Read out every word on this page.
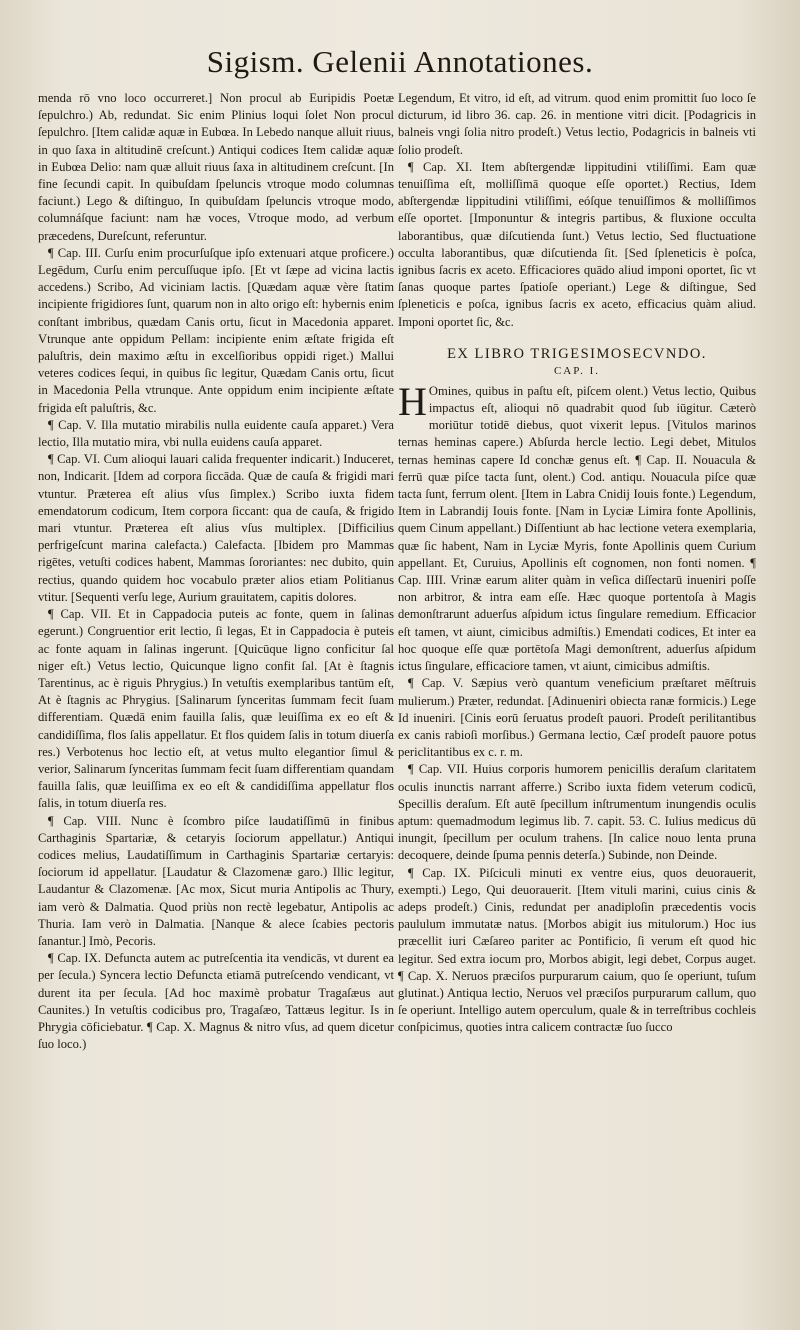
Sigism. Gelenii Annotationes.

menda rō vno loco occurreret.] Non procul ab Euripidis Poetæ ſepulchro.) Ab, redundat. Sic enim Plinius loqui ſolet Non procul ſepulchro. [Item calidæ aquæ in Eubœa. In Lebedo nanque alluit riuus, in quo ſaxa in altitudinē creſcunt.) Antiqui codices Item calidæ aquæ in Eubœa Delio: nam quæ alluit riuus ſaxa in altitudinem creſcunt. [In fine ſecundi capit. In quibuſdam ſpeluncis vtroque modo columnas faciunt.) Lego & diſtinguo, In quibuſdam ſpeluncis vtroque modo, columnáſque faciunt: nam hæ voces, Vtroque modo, ad verbum præcedens, Dureſcunt, referuntur.

¶ Cap. III. Curſu enim procurſuſque ipſo extenuari atque proficere.) Legēdum, Curſu enim percuſſuque ipſo. [Et vt ſæpe ad vicina lactis accedens.) Scribo, Ad viciniam lactis. [Quædam aquæ vère ſtatim incipiente frigidiores ſunt, quarum non in alto origo eſt: hybernis enim conſtant imbribus, quædam Canis ortu, ſicut in Macedonia apparet. Vtrunque ante oppidum Pellam: incipiente enim æſtate frigida eſt paluſtris, dein maximo æſtu in excelſioribus oppidi riget.) Mallui veteres codices ſequi, in quibus ſic legitur, Quædam Canis ortu, ſicut in Macedonia Pella vtrunque. Ante oppidum enim incipiente æſtate frigida eſt paluſtris, &c.

¶ Cap. V. Illa mutatio mirabilis nulla euidente cauſa apparet.) Vera lectio, Illa mutatio mira, vbi nulla euidens cauſa apparet.

¶ Cap. VI. Cum alioqui lauari calida frequenter indicarit.) Induceret, non, Indicarit. [Idem ad corpora ſiccāda. Quæ de cauſa & frigidi mari vtuntur. Præterea eſt alius vſus ſimplex.) Scribo iuxta fidem emendatorum codicum, Item corpora ſiccant: qua de cauſa, & frigido mari vtuntur. Præterea eſt alius vſus multiplex. [Difficilius perfrigeſcunt marina calefacta.) Calefacta. [Ibidem pro Mammas rigētes, vetuſti codices habent, Mammas ſororiantes: nec dubito, quin rectius, quando quidem hoc vocabulo præter alios etiam Politianus vtitur. [Sequenti verſu lege, Aurium grauitatem, capitis dolores.

¶ Cap. VII. Et in Cappadocia puteis ac fonte, quem in ſalinas egerunt.) Congruentior erit lectio, ſi legas, Et in Cappadocia è puteis ac fonte aquam in ſalinas ingerunt. [Quicūque ligno conficitur ſal niger eſt.) Vetus lectio, Quicunque ligno confit ſal. [At è ſtagnis Tarentinus, ac è riguis Phrygius.) In vetuſtis exemplaribus tantūm eſt, At è ſtagnis ac Phrygius. [Salinarum ſynceritas ſummam fecit ſuam differentiam. Quædā enim fauilla ſalis, quæ leuiſſima ex eo eſt & candidiſſima, flos ſalis appellatur. Et flos quidem ſalis in totum diuerſa res.) Verbotenus hoc lectio eſt, at vetus multo elegantior ſimul & verior, Salinarum ſynceritas ſummam fecit ſuam differentiam quandam fauilla ſalis, quæ leuiſſima ex eo eſt & candidiſſima appellatur flos ſalis, in totum diuerſa res.

¶ Cap. VIII. Nunc è ſcombro piſce laudatiſſimū in finibus Carthaginis Spartariæ, & cetaryis ſociorum appellatur.) Antiqui codices melius, Laudatiſſimum in Carthaginis Spartariæ certaryis: ſociorum id appellatur. [Laudatur & Clazomenæ garo.) Illic legitur, Laudantur & Clazomenæ. [Ac mox, Sicut muria Antipolis ac Thury, iam verò & Dalmatia. Quod priùs non rectè legebatur, Antipolis ac Thuria. Iam verò in Dalmatia. [Nanque & alece ſcabies pectoris ſanantur.] Imò, Pecoris.

¶ Cap. IX. Defuncta autem ac putreſcentia ita vendicās, vt durent ea per ſecula.) Syncera lectio Defuncta etiamā putreſcendo vendicant, vt durent ita per ſecula. [Ad hoc maximè probatur Tragaſæus aut Caunites.) In vetuſtis codicibus pro, Tragaſæo, Tattæus legitur. Is in Phrygia cōficiebatur. ¶ Cap. X. Magnus & nitro vſus, ad quem dicetur ſuo loco.)

Legendum, Et vitro, id eſt, ad vitrum. quod enim promittit ſuo loco ſe dicturum, id libro 36. cap. 26. in mentione vitri dicit. [Podagricis in balneis vngi ſolia nitro prodeſt.) Vetus lectio, Podagricis in balneis vti ſolio prodeſt.

¶ Cap. XI. Item abſtergendæ lippitudini vtiliſſimi. Eam quæ tenuiſſima eſt, molliſſimā quoque eſſe oportet.) Rectius, Idem abſtergendæ lippitudini vtiliſſimi, eóſque tenuiſſimos & molliſſimos eſſe oportet. [Imponuntur & integris partibus, & fluxione occulta laborantibus, quæ diſcutienda ſunt.) Vetus lectio, Sed fluctuatione occulta laborantibus, quæ diſcutienda ſit. [Sed ſpleneticis è poſca, ignibus ſacris ex aceto. Efficaciores quādo aliud imponi oportet, ſic vt ſanas quoque partes ſpatioſe operiant.) Lege & diſtingue, Sed ſpleneticis e poſca, ignibus ſacris ex aceto, efficacius quàm aliud. Imponi oportet ſic, &c.

EX LIBRO TRIGESIMOSECVNDO.
CAP. I.

H Omines, quibus in paſtu eſt, piſcem olent.) Vetus lectio, Quibus impactus eſt, alioqui nō quadrabit quod ſub iūgitur. Cæterò moriūtur totidē diebus, quot vixerit lepus. [Vitulos marinos ternas heminas capere.) Abſurda hercle lectio. Legi debet, Mitulos ternas heminas capere Id conchæ genus eſt. ¶ Cap. II. Nouacula & ferrū quæ piſce tacta ſunt, olent.) Cod. antiqu. Nouacula piſce quæ tacta ſunt, ferrum olent. [Item in Labra Cnidij Iouis fonte.) Legendum, Item in Labrandij Iouis fonte. [Nam in Lyciæ Limira fonte Apollinis, quem Cinum appellant.) Diſſentiunt ab hac lectione vetera exemplaria, quæ ſic habent, Nam in Lyciæ Myris, fonte Apollinis quem Curium appellant. Et, Curuius, Apollinis eſt cognomen, non fonti nomen. ¶ Cap. IIII. Vrinæ earum aliter quàm in veſica diſſectarū inueniri poſſe non arbitror, & intra eam eſſe. Hæc quoque portentoſa à Magis demonſtrarunt aduerſus aſpidum ictus ſingulare remedium. Efficacior eſt tamen, vt aiunt, cimicibus admiſtis.) Emendati codices, Et inter ea hoc quoque eſſe quæ portētoſa Magi demonſtrent, aduerſus aſpidum ictus ſingulare, efficaciore tamen, vt aiunt, cimicibus admiſtis.

¶ Cap. V. Sæpius verò quantum veneficium præſtaret mēſtruis mulierum.) Præter, redundat. [Adinueniri obiecta ranæ formicis.) Lege Id inueniri. [Cinis eorū ſeruatus prodeſt pauori. Prodeſt perilitantibus ex canis rabioſi morſibus.) Germana lectio, Cæſ prodeſt pauore potus periclitantibus ex c. r. m.

¶ Cap. VII. Huius corporis humorem penicillis deraſum claritatem oculis inunctis narrant afferre.) Scribo iuxta fidem veterum codicū, Specillis deraſum. Eſt autē ſpecillum inſtrumentum inungendis oculis aptum: quemadmodum legimus lib. 7. capit. 53. C. Iulius medicus dū inungit, ſpecillum per oculum trahens. [In calice nouo lenta pruna decoquere, deinde ſpuma pennis deterſa.) Subinde, non Deinde.

¶ Cap. IX. Piſciculi minuti ex ventre eius, quos deuorauerit, exempti.) Lego, Qui deuorauerit. [Item vituli marini, cuius cinis & adeps prodeſt.) Cinis, redundat per anadiploſin præcedentis vocis paululum immutatæ natus. [Morbos abigit ius mitulorum.) Hoc ius præcellit iuri Cæſareo pariter ac Pontificio, ſi verum eſt quod hic legitur. Sed extra iocum pro, Morbos abigit, legi debet, Corpus auget. ¶ Cap. X. Neruos præciſos purpurarum caium, quo ſe operiunt, tuſum glutinat.) Antiqua lectio, Neruos vel præciſos purpurarum callum, quo ſe operiunt. Intelligo autem operculum, quale & in terreſtribus cochleis conſpicimus, quoties intra calicem contractæ ſuo ſucco
